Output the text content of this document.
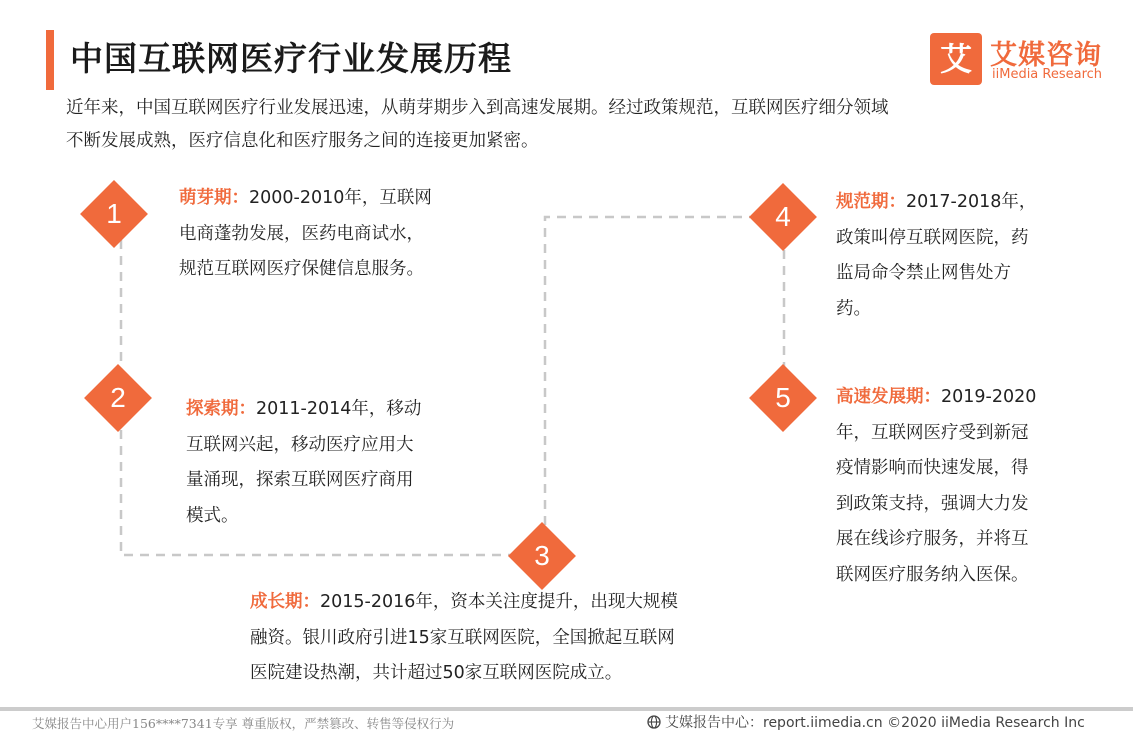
中国互联网医疗行业发展历程	艾 艾媒咨询
iiMedia Research

近年来，中国互联网医疗行业发展迅速，从萌芽期步入到高速发展期。经过政策规范，互联网医疗细分领域

不断发展成熟，医疗信息化和医疗服务之间的连接更加紧密。

1	萌芽期：2000-2010年，互联网
电商蓬勃发展，医药电商试水，
规范互联网医疗保健信息服务。
2	探索期：2011-2014年，移动
互联网兴起，移动医疗应用大
量涌现，探索互联网医疗商用
模式。
3
成长期：2015-2016年，资本关注度提升，出现大规模
融资。银川政府引进15家互联网医院，全国掀起互联网
医院建设热潮，共计超过50家互联网医院成立。
4	规范期：2017-2018年，
政策叫停互联网医院，药
监局命令禁止网售处方
药。
5	高速发展期：2019-2020
年，互联网医疗受到新冠
疫情影响而快速发展，得
到政策支持，强调大力发
展在线诊疗服务，并将互
联网医疗服务纳入医保。
艾媒报告中心用户156****7341专享 尊重版权，严禁篡改、转售等侵权行为	艾媒报告中心：report.iimedia.cn ©2020 iiMedia Research Inc
